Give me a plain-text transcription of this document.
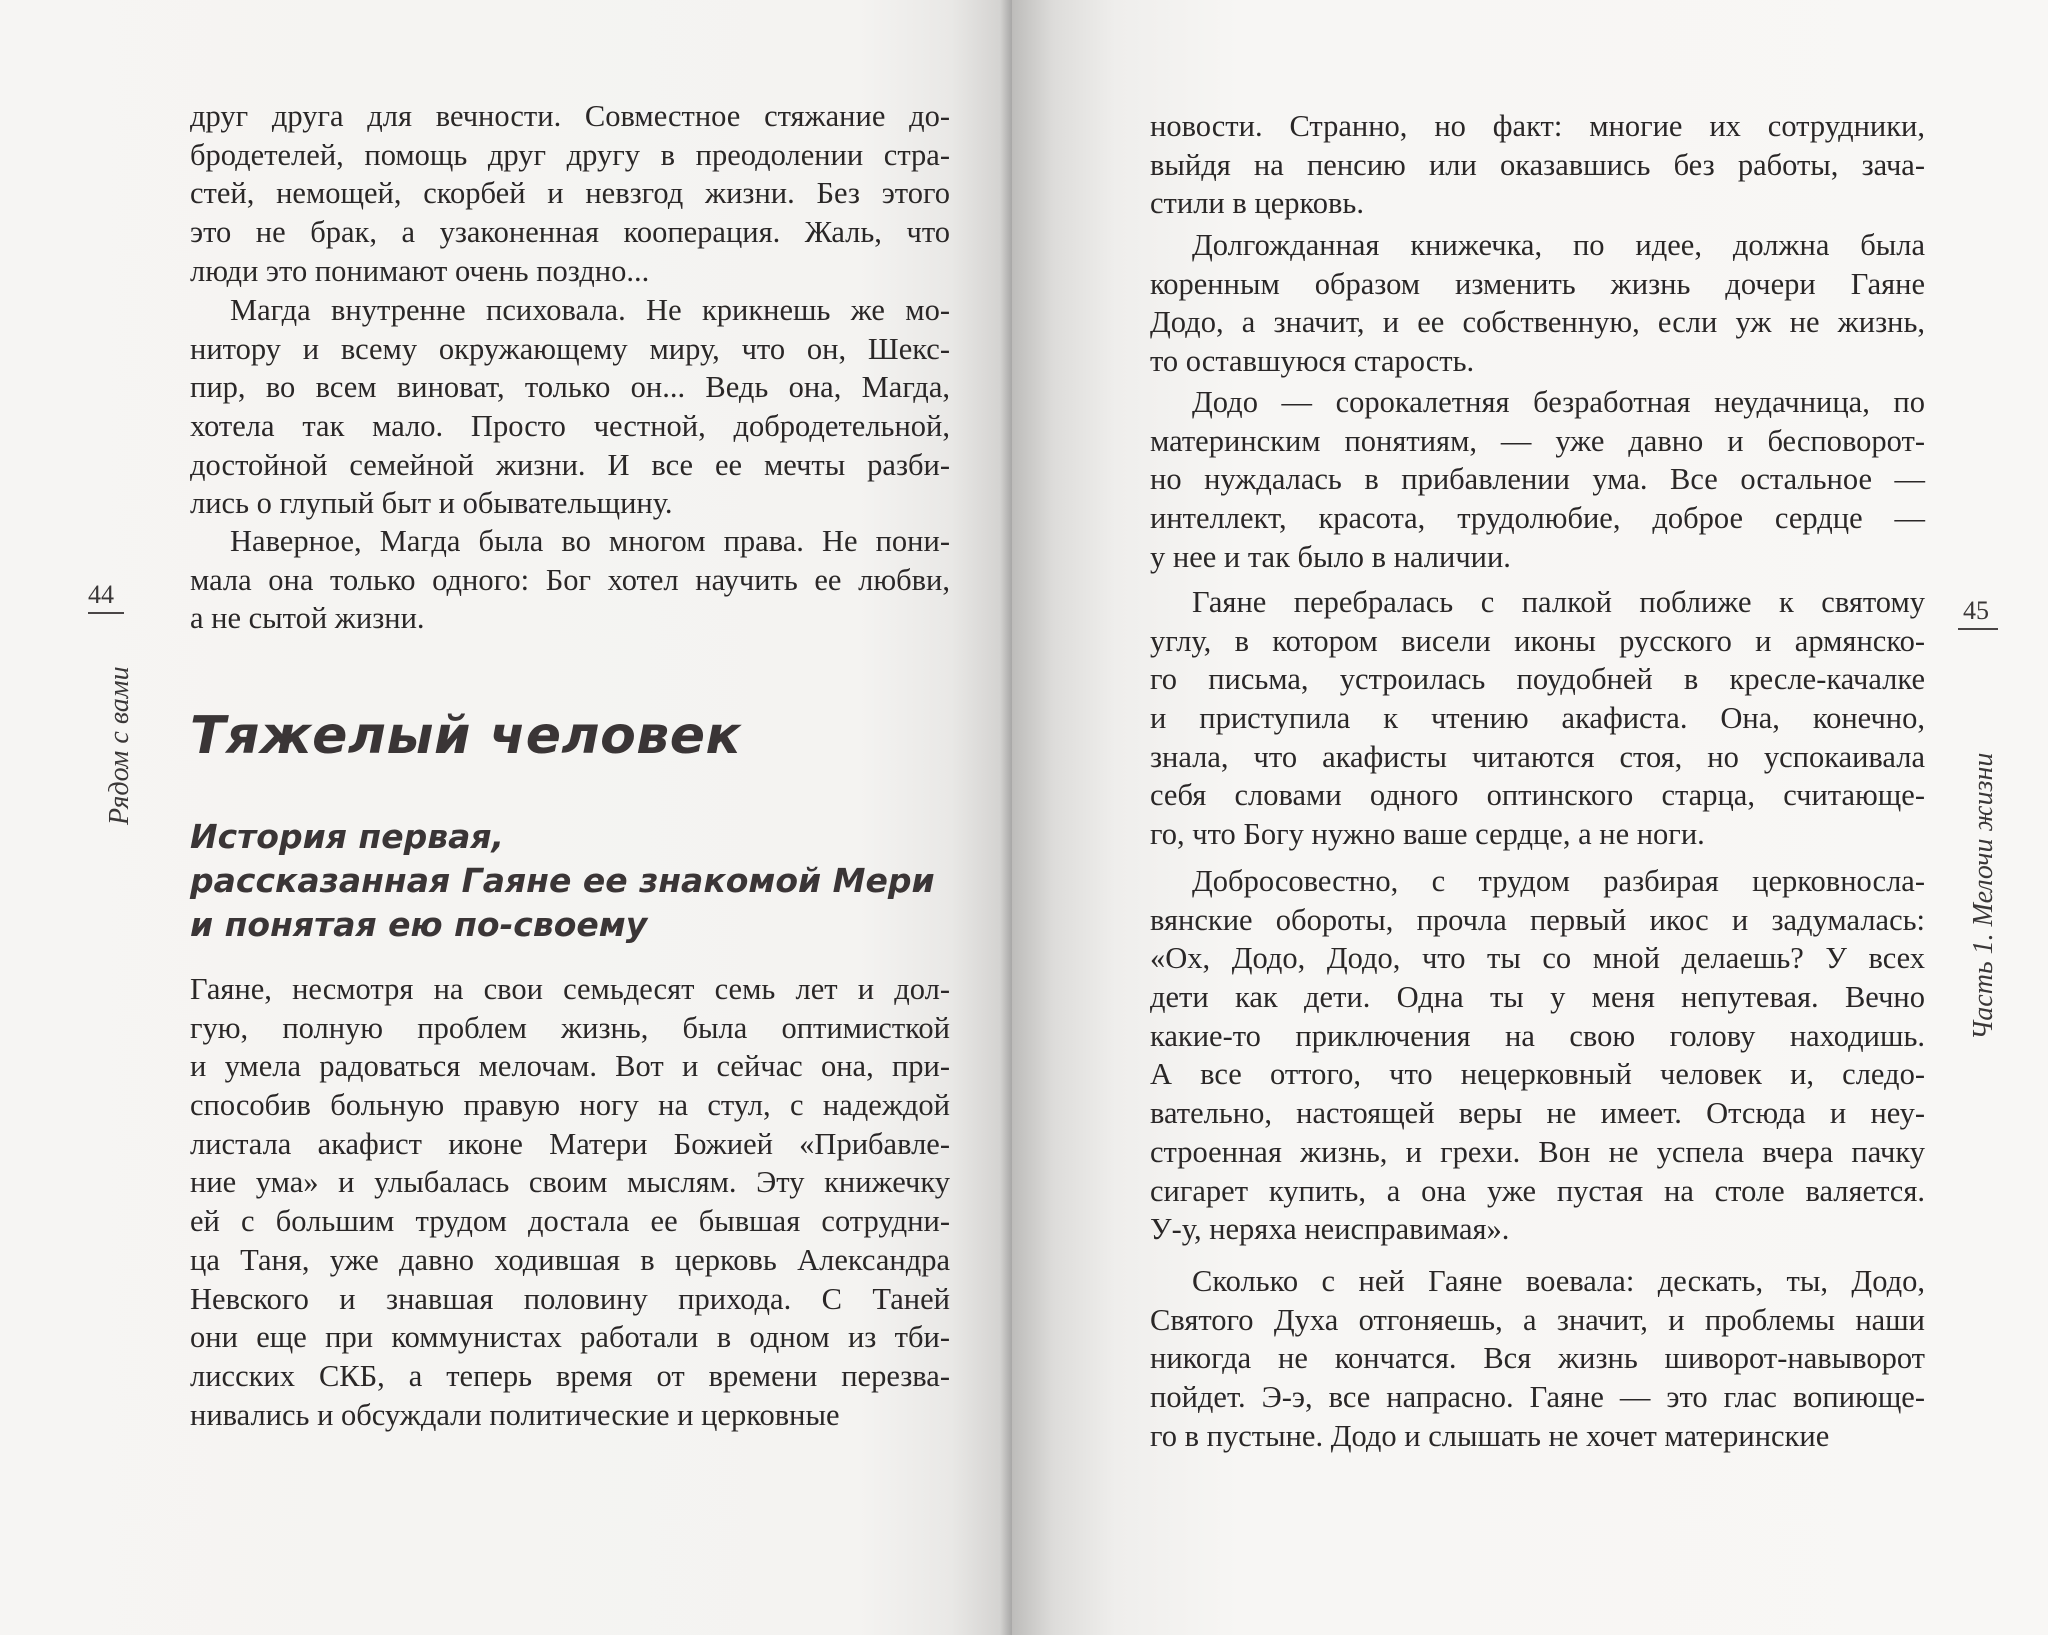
44
Рядом с вами
друг друга для вечности. Совместное стяжание до-
бродетелей, помощь друг другу в преодолении стра-
стей, немощей, скорбей и невзгод жизни. Без этого
это не брак, а узаконенная кооперация. Жаль, что
люди это понимают очень поздно...
Магда внутренне психовала. Не крикнешь же мо-
нитору и всему окружающему миру, что он, Шекс-
пир, во всем виноват, только он... Ведь она, Магда,
хотела так мало. Просто честной, добродетельной,
достойной семейной жизни. И все ее мечты разби-
лись о глупый быт и обывательщину.
Наверное, Магда была во многом права. Не пони-
мала она только одного: Бог хотел научить ее любви,
а не сытой жизни.
Тяжелый человек
История первая,
рассказанная Гаяне ее знакомой Мери
и понятая ею по-своему
Гаяне, несмотря на свои семьдесят семь лет и дол-
гую, полную проблем жизнь, была оптимисткой
и умела радоваться мелочам. Вот и сейчас она, при-
способив больную правую ногу на стул, с надеждой
листала акафист иконе Матери Божией «Прибавле-
ние ума» и улыбалась своим мыслям. Эту книжечку
ей с большим трудом достала ее бывшая сотрудни-
ца Таня, уже давно ходившая в церковь Александра
Невского и знавшая половину прихода. С Таней
они еще при коммунистах работали в одном из тби-
лисских СКБ, а теперь время от времени перезва-
нивались и обсуждали политические и церковные
45
Часть 1. Мелочи жизни
новости. Странно, но факт: многие их сотрудники,
выйдя на пенсию или оказавшись без работы, зача-
стили в церковь.
Долгожданная книжечка, по идее, должна была
коренным образом изменить жизнь дочери Гаяне
Додо, а значит, и ее собственную, если уж не жизнь,
то оставшуюся старость.
Додо — сорокалетняя безработная неудачница, по
материнским понятиям, — уже давно и бесповорот-
но нуждалась в прибавлении ума. Все остальное —
интеллект, красота, трудолюбие, доброе сердце —
у нее и так было в наличии.
Гаяне перебралась с палкой поближе к святому
углу, в котором висели иконы русского и армянско-
го письма, устроилась поудобней в кресле-качалке
и приступила к чтению акафиста. Она, конечно,
знала, что акафисты читаются стоя, но успокаивала
себя словами одного оптинского старца, считающе-
го, что Богу нужно ваше сердце, а не ноги.
Добросовестно, с трудом разбирая церковносла-
вянские обороты, прочла первый икос и задумалась:
«Ох, Додо, Додо, что ты со мной делаешь? У всех
дети как дети. Одна ты у меня непутевая. Вечно
какие-то приключения на свою голову находишь.
А все оттого, что нецерковный человек и, следо-
вательно, настоящей веры не имеет. Отсюда и неу-
строенная жизнь, и грехи. Вон не успела вчера пачку
сигарет купить, а она уже пустая на столе валяется.
У-у, неряха неисправимая».
Сколько с ней Гаяне воевала: дескать, ты, Додо,
Святого Духа отгоняешь, а значит, и проблемы наши
никогда не кончатся. Вся жизнь шиворот-навыворот
пойдет. Э-э, все напрасно. Гаяне — это глас вопиюще-
го в пустыне. Додо и слышать не хочет материнские
